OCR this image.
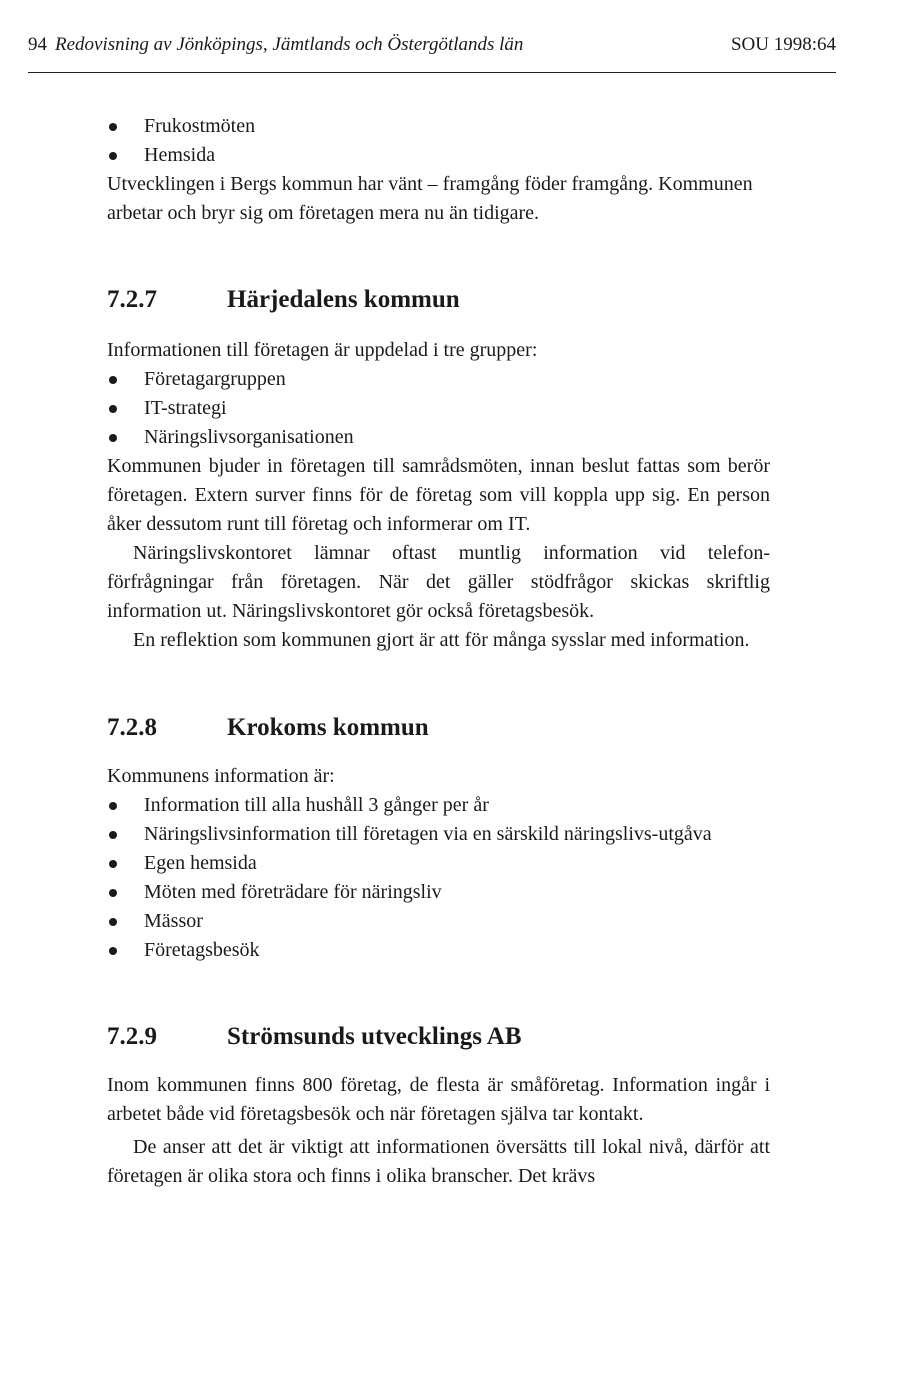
94 Redovisning av Jönköpings, Jämtlands och Östergötlands län	SOU 1998:64
Frukostmöten
Hemsida

Utvecklingen i Bergs kommun har vänt – framgång föder framgång. Kommunen arbetar och bryr sig om företagen mera nu än tidigare.

7.2.7	Härjedalens kommun

Informationen till företagen är uppdelad i tre grupper:

Företagargruppen
IT-strategi
Näringslivsorganisationen

Kommunen bjuder in företagen till samrådsmöten, innan beslut fattas som berör företagen. Extern surver finns för de företag som vill koppla upp sig. En person åker dessutom runt till företag och informerar om IT.

Näringslivskontoret lämnar oftast muntlig information vid telefon-förfrågningar från företagen. När det gäller stödfrågor skickas skriftlig information ut. Näringslivskontoret gör också företagsbesök.

En reflektion som kommunen gjort är att för många sysslar med information.

7.2.8	Krokoms kommun

Kommunens information är:

Information till alla hushåll 3 gånger per år
Näringslivsinformation till företagen via en särskild näringslivs-utgåva
Egen hemsida
Möten med företrädare för näringsliv
Mässor
Företagsbesök
7.2.9	Strömsunds utvecklings AB

Inom kommunen finns 800 företag, de flesta är småföretag. Information ingår i arbetet både vid företagsbesök och när företagen själva tar kontakt.

De anser att det är viktigt att informationen översätts till lokal nivå, därför att företagen är olika stora och finns i olika branscher. Det krävs
